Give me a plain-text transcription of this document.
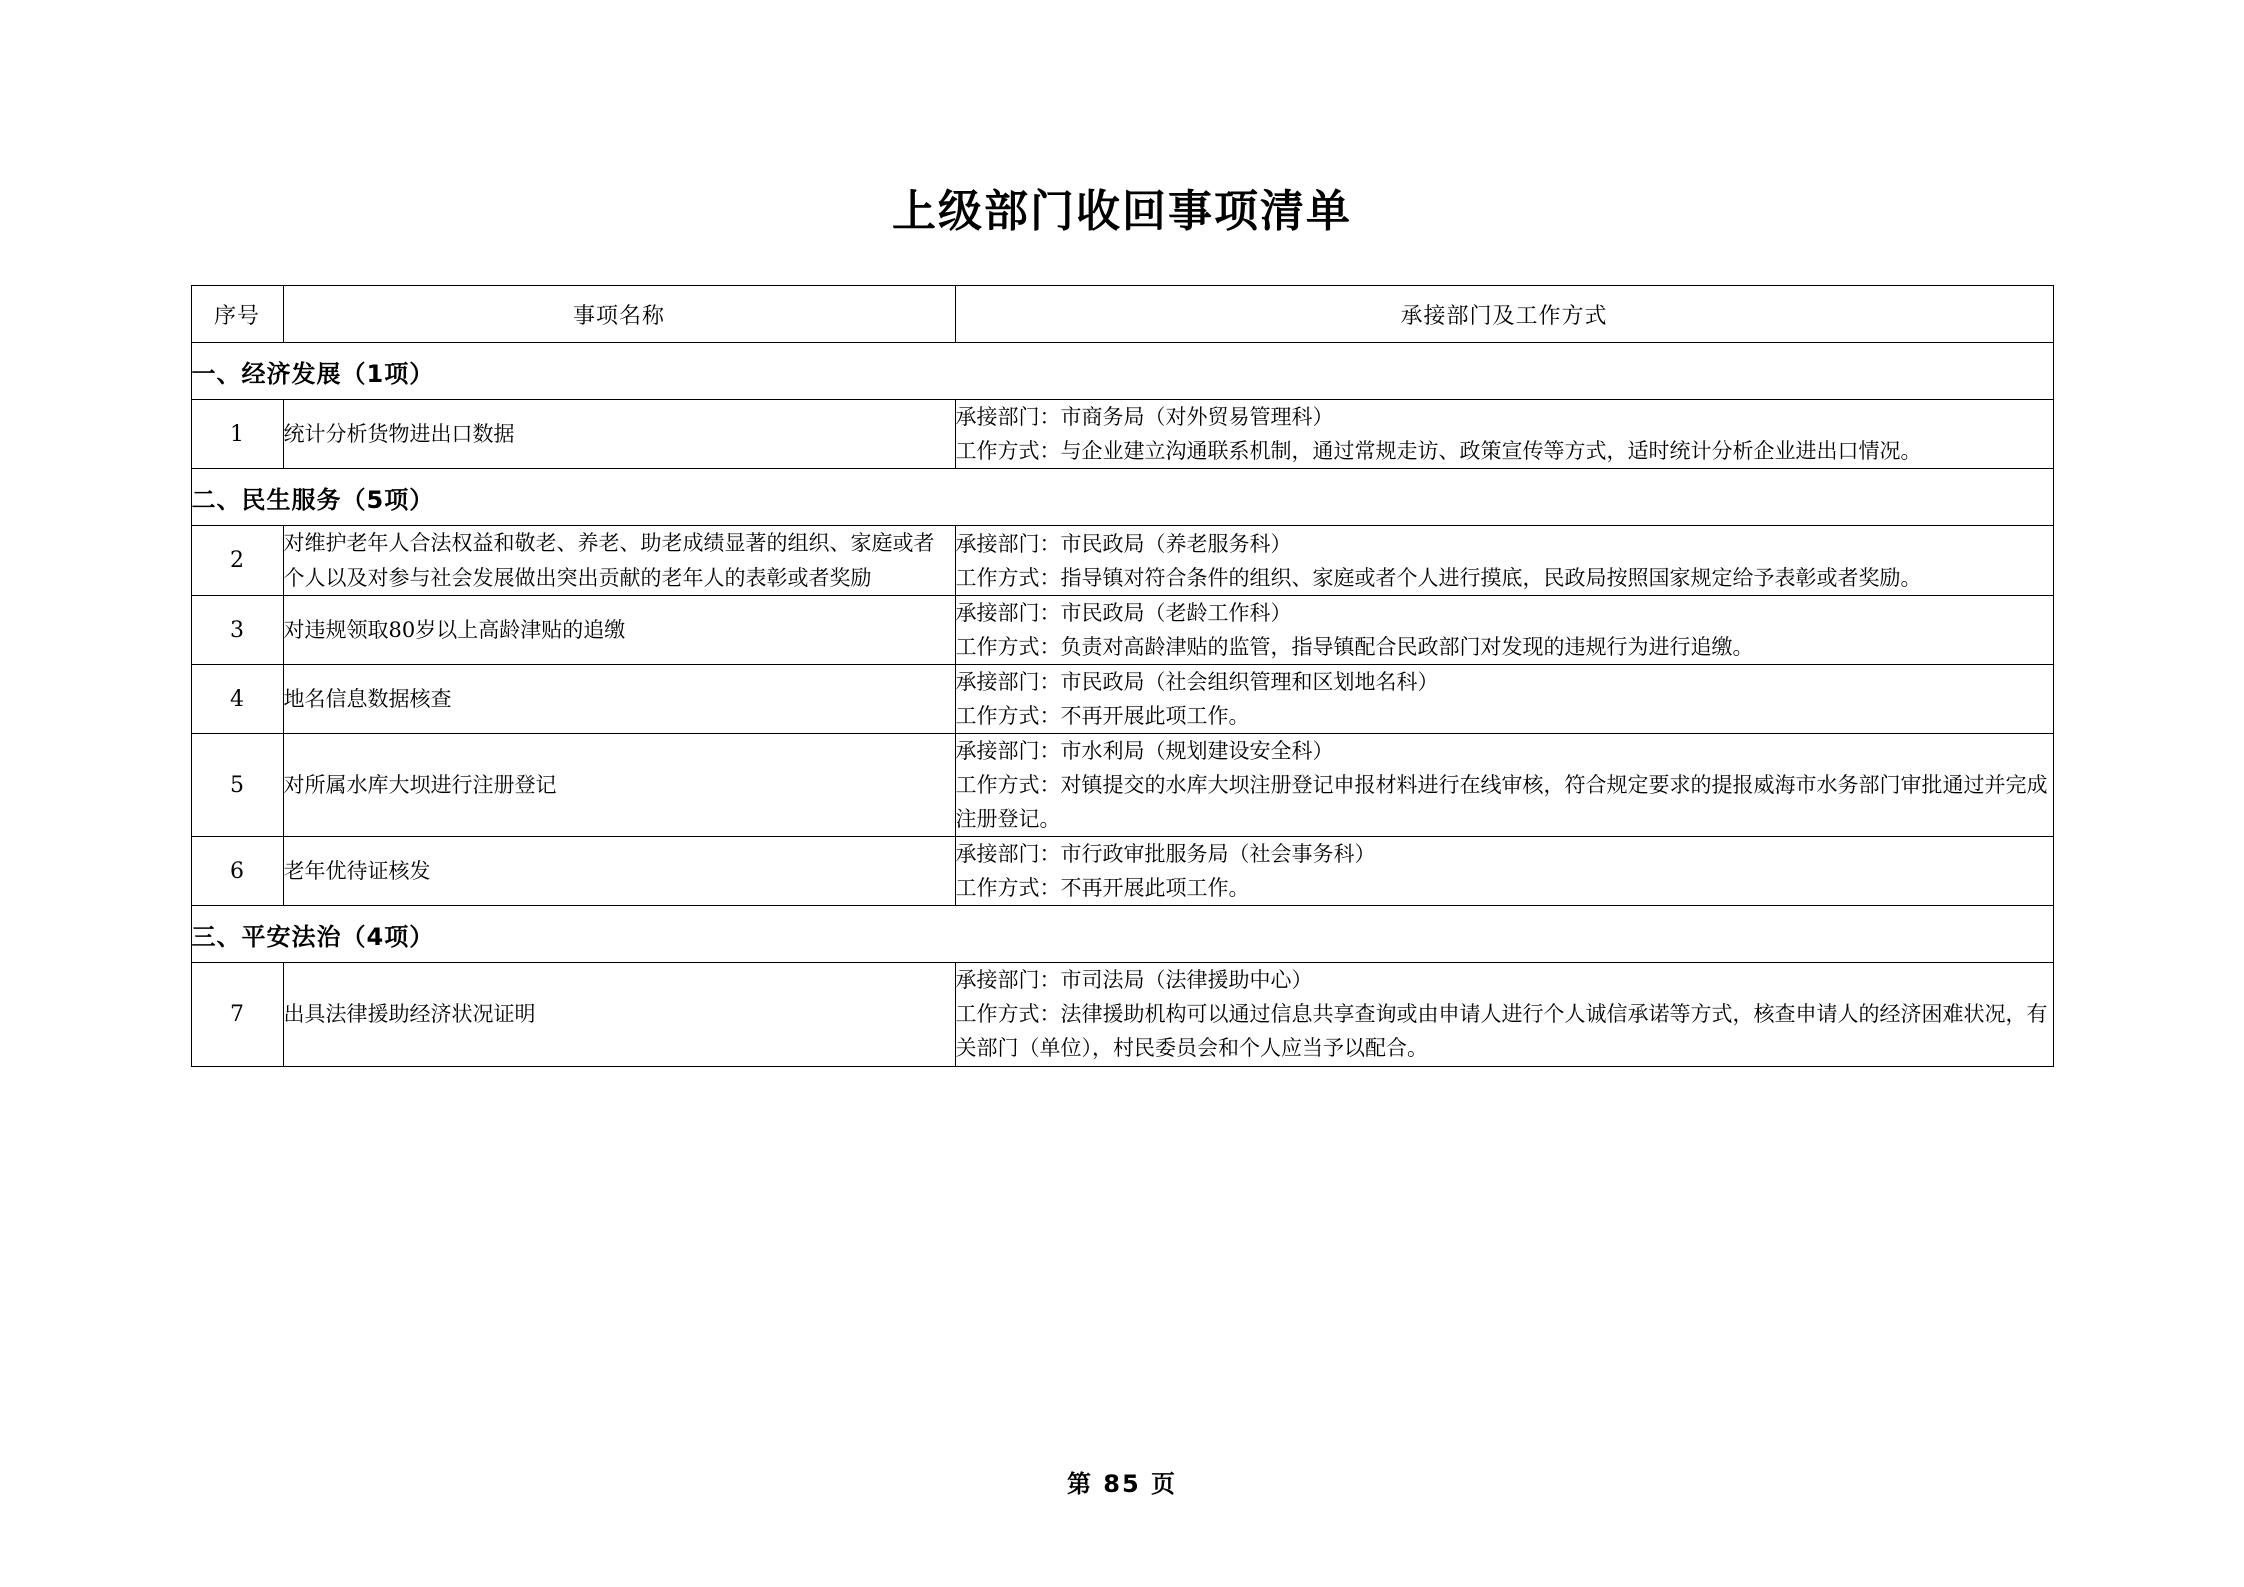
上级部门收回事项清单
序号	事项名称	承接部门及工作方式
一、经济发展（1项）		
1	统计分析货物进出口数据	承接部门：市商务局（对外贸易管理科）
工作方式：与企业建立沟通联系机制，通过常规走访、政策宣传等方式，适时统计分析企业进出口情况。

二、民生服务（5项）		
2	对维护老年人合法权益和敬老、养老、助老成绩显著的组织、家庭或者个人以及对参与社会发展做出突出贡献的老年人的表彰或者奖励	承接部门：市民政局（养老服务科）
工作方式：指导镇对符合条件的组织、家庭或者个人进行摸底，民政局按照国家规定给予表彰或者奖励。

3	对违规领取80岁以上高龄津贴的追缴	承接部门：市民政局（老龄工作科）
工作方式：负责对高龄津贴的监管，指导镇配合民政部门对发现的违规行为进行追缴。

4	地名信息数据核查	承接部门：市民政局（社会组织管理和区划地名科）
工作方式：不再开展此项工作。

5	对所属水库大坝进行注册登记	承接部门：市水利局（规划建设安全科）
工作方式：对镇提交的水库大坝注册登记申报材料进行在线审核，符合规定要求的提报威海市水务部门审批通过并完成注册登记。

6	老年优待证核发	承接部门：市行政审批服务局（社会事务科）
工作方式：不再开展此项工作。

三、平安法治（4项）		
7	出具法律援助经济状况证明	承接部门：市司法局（法律援助中心）
工作方式：法律援助机构可以通过信息共享查询或由申请人进行个人诚信承诺等方式，核查申请人的经济困难状况，有关部门（单位），村民委员会和个人应当予以配合。
第 85 页
